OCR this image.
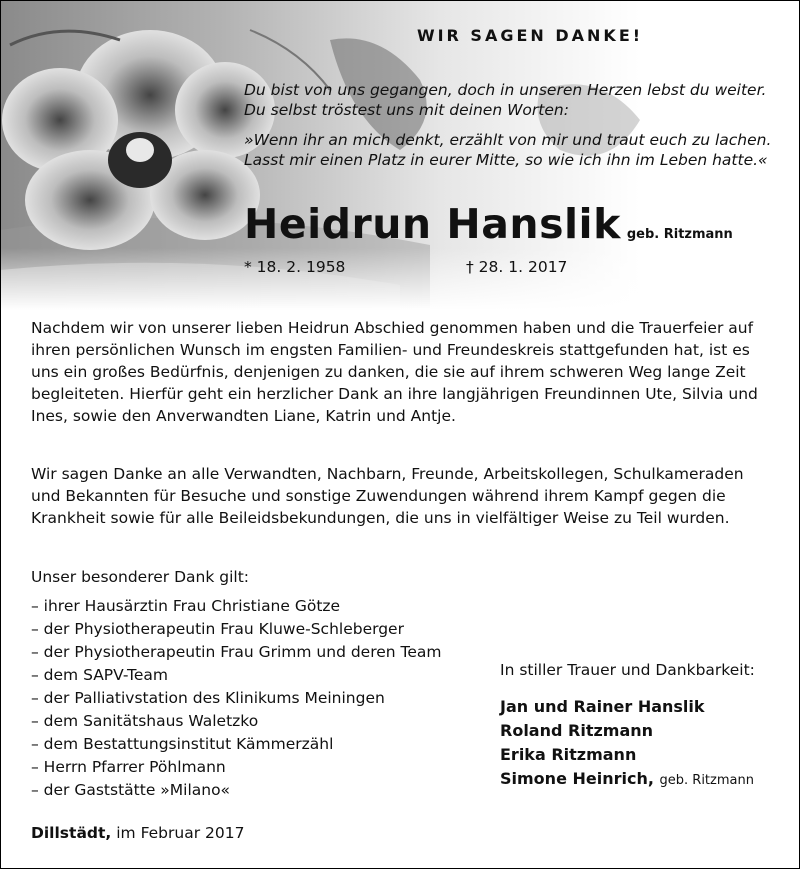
WIR SAGEN DANKE!

Du bist von uns gegangen, doch in unseren Herzen lebst du weiter.

Du selbst tröstest uns mit deinen Worten:

»Wenn ihr an mich denkt, erzählt von mir und traut euch zu lachen.

Lasst mir einen Platz in eurer Mitte, so wie ich ihn im Leben hatte.«

Heidrun Hanslik geb. Ritzmann
* 18. 2. 1958	† 28. 1. 2017

Nachdem wir von unserer lieben Heidrun Abschied genommen haben und die Trauerfeier auf ihren persönlichen Wunsch im engsten Familien- und Freundeskreis stattgefunden hat, ist es uns ein großes Bedürfnis, denjenigen zu danken, die sie auf ihrem schweren Weg lange Zeit begleiteten. Hierfür geht ein herzlicher Dank an ihre langjährigen Freundinnen Ute, Silvia und Ines, sowie den Anverwandten Liane, Katrin und Antje.

Wir sagen Danke an alle Verwandten, Nachbarn, Freunde, Arbeitskollegen, Schulkameraden und Bekannten für Besuche und sonstige Zuwendungen während ihrem Kampf gegen die Krankheit sowie für alle Beileidsbekundungen, die uns in vielfältiger Weise zu Teil wurden.

Unser besonderer Dank gilt:
– ihrer Hausärztin Frau Christiane Götze
– der Physiotherapeutin Frau Kluwe-Schleberger
– der Physiotherapeutin Frau Grimm und deren Team
– dem SAPV-Team
– der Palliativstation des Klinikums Meiningen
– dem Sanitätshaus Waletzko
– dem Bestattungsinstitut Kämmerzähl
– Herrn Pfarrer Pöhlmann
– der Gaststätte »Milano«
In stiller Trauer und Dankbarkeit:
Jan und Rainer Hanslik
Roland Ritzmann
Erika Ritzmann
Simone Heinrich, geb. Ritzmann
Dillstädt, im Februar 2017
